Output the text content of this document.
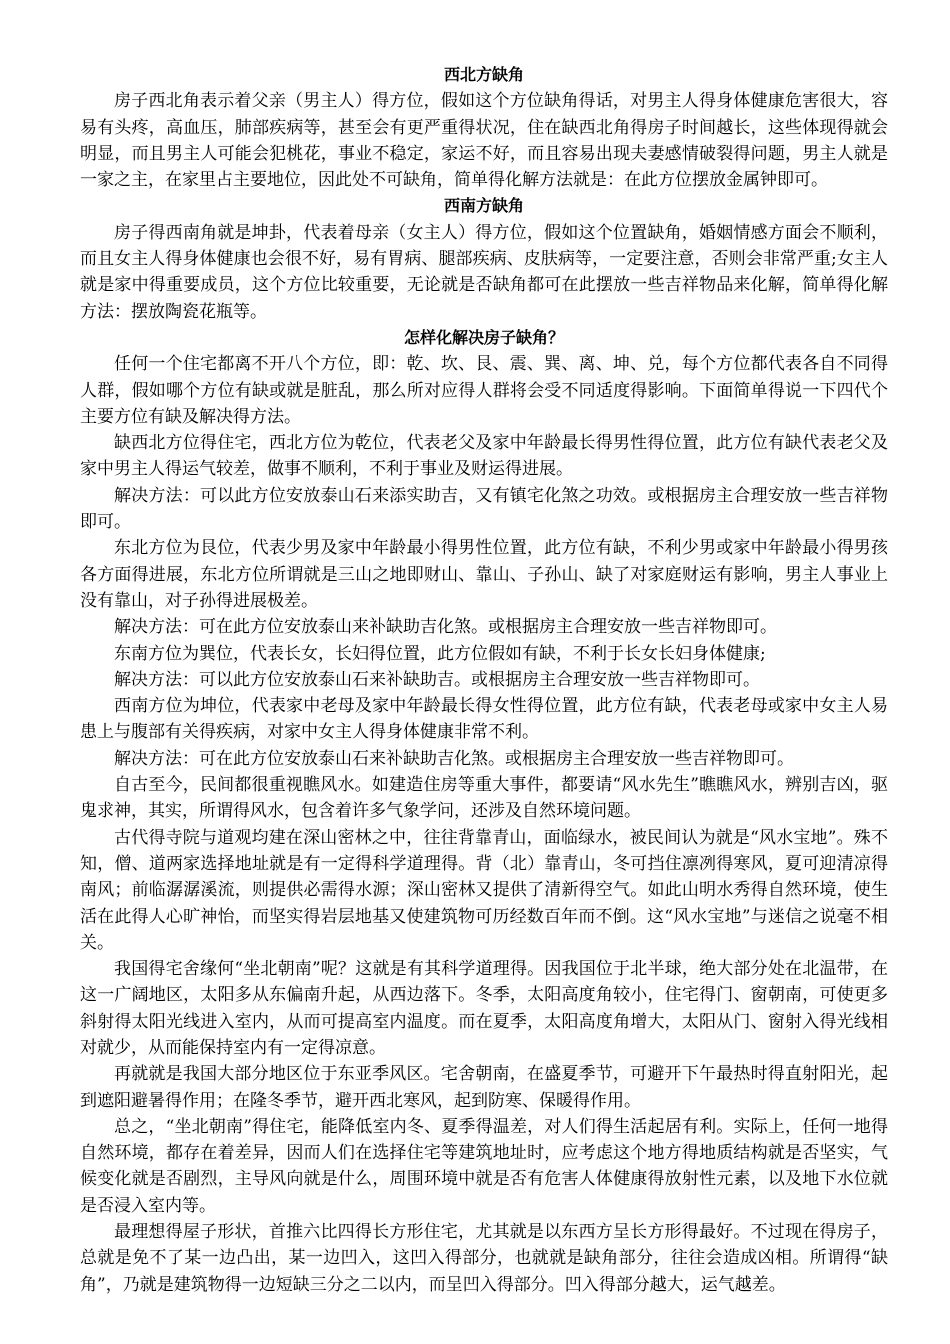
西北方缺角

房子西北角表示着父亲（男主人）得方位，假如这个方位缺角得话，对男主人得身体健康危害很大，容易有头疼，高血压，肺部疾病等，甚至会有更严重得状况，住在缺西北角得房子时间越长，这些体现得就会明显，而且男主人可能会犯桃花，事业不稳定，家运不好，而且容易出现夫妻感情破裂得问题，男主人就是一家之主，在家里占主要地位，因此处不可缺角，简单得化解方法就是：在此方位摆放金属钟即可。

西南方缺角

房子得西南角就是坤卦，代表着母亲（女主人）得方位，假如这个位置缺角，婚姻情感方面会不顺利，而且女主人得身体健康也会很不好，易有胃病、腿部疾病、皮肤病等，一定要注意，否则会非常严重;女主人就是家中得重要成员，这个方位比较重要，无论就是否缺角都可在此摆放一些吉祥物品来化解，简单得化解方法：摆放陶瓷花瓶等。

怎样化解决房子缺角？

任何一个住宅都离不开八个方位，即：乾、坎、艮、震、巽、离、坤、兑，每个方位都代表各自不同得人群，假如哪个方位有缺或就是脏乱，那么所对应得人群将会受不同适度得影响。下面简单得说一下四代个主要方位有缺及解决得方法。

缺西北方位得住宅，西北方位为乾位，代表老父及家中年龄最长得男性得位置，此方位有缺代表老父及家中男主人得运气较差，做事不顺利，不利于事业及财运得进展。

解决方法：可以此方位安放泰山石来添实助吉，又有镇宅化煞之功效。或根据房主合理安放一些吉祥物即可。

东北方位为艮位，代表少男及家中年龄最小得男性位置，此方位有缺，不利少男或家中年龄最小得男孩各方面得进展，东北方位所谓就是三山之地即财山、靠山、子孙山、缺了对家庭财运有影响，男主人事业上没有靠山，对子孙得进展极差。

解决方法：可在此方位安放泰山来补缺助吉化煞。或根据房主合理安放一些吉祥物即可。

东南方位为巽位，代表长女，长妇得位置，此方位假如有缺，不利于长女长妇身体健康;

解决方法：可以此方位安放泰山石来补缺助吉。或根据房主合理安放一些吉祥物即可。

西南方位为坤位，代表家中老母及家中年龄最长得女性得位置，此方位有缺，代表老母或家中女主人易患上与腹部有关得疾病，对家中女主人得身体健康非常不利。

解决方法：可在此方位安放泰山石来补缺助吉化煞。或根据房主合理安放一些吉祥物即可。

自古至今，民间都很重视瞧风水。如建造住房等重大事件，都要请“风水先生”瞧瞧风水，辨别吉凶，驱鬼求神，其实，所谓得风水，包含着许多气象学问，还涉及自然环境问题。

古代得寺院与道观均建在深山密林之中，往往背靠青山，面临绿水，被民间认为就是“风水宝地”。殊不知，僧、道两家选择地址就是有一定得科学道理得。背（北）靠青山，冬可挡住凛冽得寒风，夏可迎清凉得南风；前临潺潺溪流，则提供必需得水源；深山密林又提供了清新得空气。如此山明水秀得自然环境，使生活在此得人心旷神怡，而坚实得岩层地基又使建筑物可历经数百年而不倒。这“风水宝地”与迷信之说毫不相关。

我国得宅舍缘何“坐北朝南”呢？这就是有其科学道理得。因我国位于北半球，绝大部分处在北温带，在这一广阔地区，太阳多从东偏南升起，从西边落下。冬季，太阳高度角较小，住宅得门、窗朝南，可使更多斜射得太阳光线进入室内，从而可提高室内温度。而在夏季，太阳高度角增大，太阳从门、窗射入得光线相对就少，从而能保持室内有一定得凉意。

再就就是我国大部分地区位于东亚季风区。宅舍朝南，在盛夏季节，可避开下午最热时得直射阳光，起到遮阳避暑得作用；在隆冬季节，避开西北寒风，起到防寒、保暖得作用。

总之，“坐北朝南”得住宅，能降低室内冬、夏季得温差，对人们得生活起居有利。实际上，任何一地得自然环境，都存在着差异，因而人们在选择住宅等建筑地址时，应考虑这个地方得地质结构就是否坚实，气候变化就是否剧烈，主导风向就是什么，周围环境中就是否有危害人体健康得放射性元素，以及地下水位就是否浸入室内等。

最理想得屋子形状，首推六比四得长方形住宅，尤其就是以东西方呈长方形得最好。不过现在得房子，总就是免不了某一边凸出，某一边凹入，这凹入得部分，也就就是缺角部分，往往会造成凶相。所谓得“缺角”，乃就是建筑物得一边短缺三分之二以内，而呈凹入得部分。凹入得部分越大，运气越差。
